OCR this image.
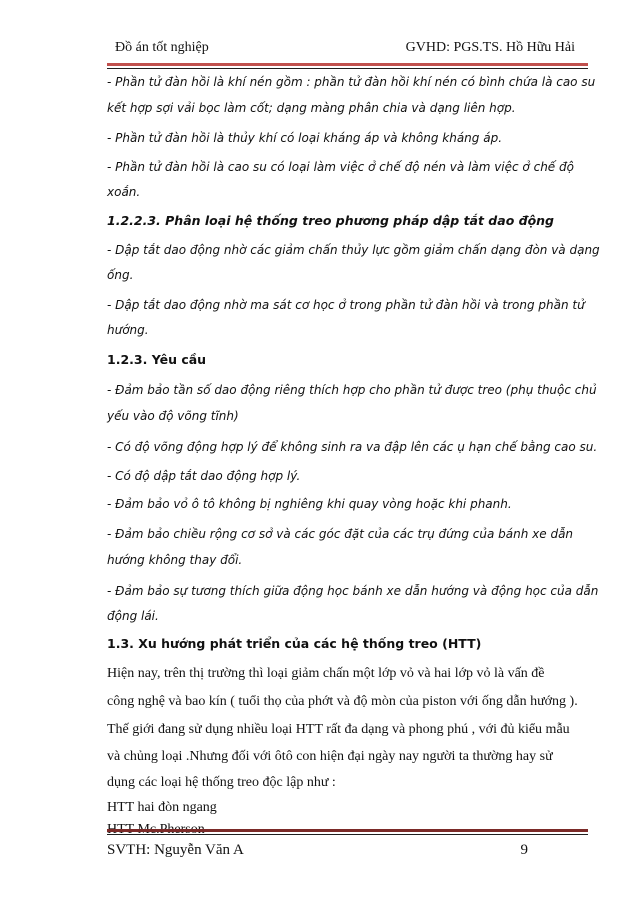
Đồ án tốt nghiệp	GVHD: PGS.TS. Hồ Hữu Hải
- Phần tử đàn hồi là khí nén gồm : phần tử đàn hồi khí nén có bình chứa là cao su
kết hợp sợi vải bọc làm cốt; dạng màng phân chia và dạng liên hợp.
- Phần tử đàn hồi là thủy khí có loại kháng áp và không kháng áp.
- Phần tử đàn hồi là cao su có loại làm việc ở chế độ nén và làm việc ở chế độ
xoắn.
1.2.2.3. Phân loại hệ thống treo phương pháp dập tắt dao động
- Dập tắt dao động nhờ các giảm chấn thủy lực gồm giảm chấn dạng đòn và dạng
ống.
- Dập tắt dao động nhờ ma sát cơ học ở trong phần tử đàn hồi và trong phần tử
hướng.
1.2.3. Yêu cầu
- Đảm bảo tần số dao động riêng thích hợp cho phần tử được treo (phụ thuộc chủ
yếu vào độ võng tĩnh)
- Có độ võng động hợp lý để không sinh ra va đập lên các ụ hạn chế bằng cao su.
- Có độ dập tắt dao động hợp lý.
- Đảm bảo vỏ ô tô không bị nghiêng khi quay vòng hoặc khi phanh.
- Đảm bảo chiều rộng cơ sở và các góc đặt của các trụ đứng của bánh xe dẫn
hướng không thay đổi.
- Đảm bảo sự tương thích giữa động học bánh xe dẫn hướng và động học của dẫn
động lái.
1.3. Xu hướng phát triển của các hệ thống treo (HTT)
Hiện nay, trên thị trường thì loại giảm chấn một lớp vỏ và hai lớp vỏ là vấn đề
công nghệ và bao kín ( tuổi thọ của phớt và độ mòn của piston với ống dẫn hướng ).
Thế giới đang sử dụng nhiều loại HTT rất đa dạng và phong phú , với đủ kiểu mẫu
và chủng loại .Nhưng đối với ôtô con hiện đại ngày nay người ta thường hay sử
dụng các loại hệ thống treo độc lập như :
HTT hai đòn ngang
SVTH: Nguyễn Văn A	9
